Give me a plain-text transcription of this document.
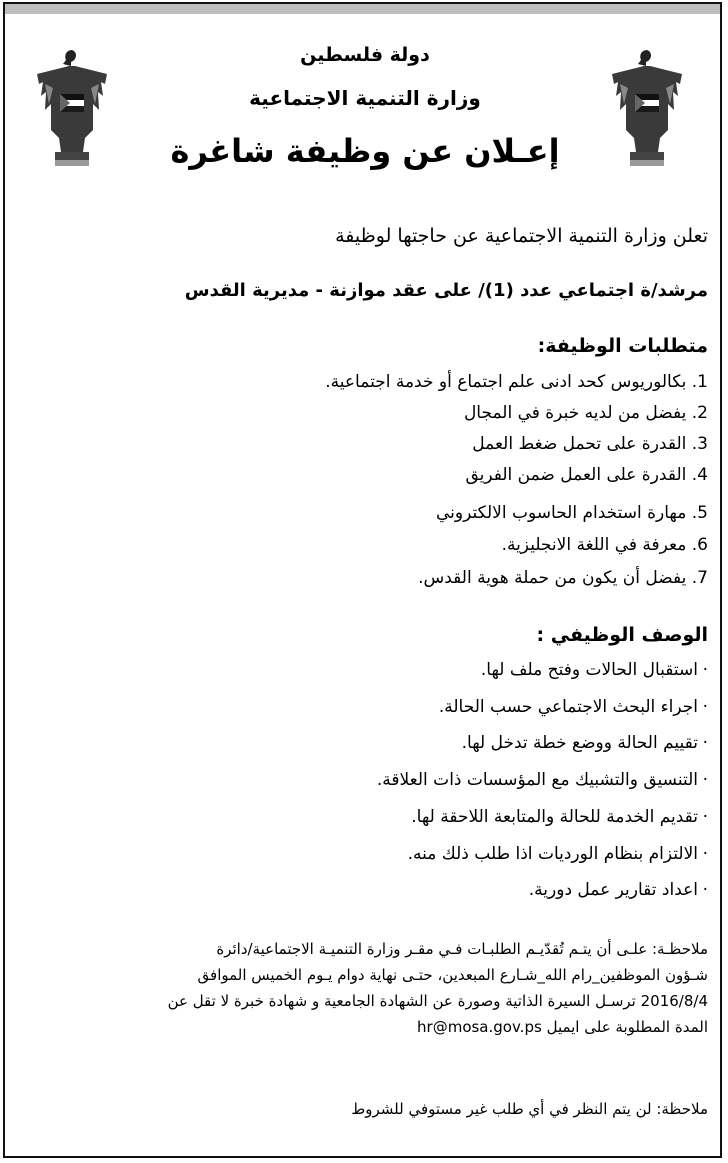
دولة فلسطين
وزارة التنمية الاجتماعية
إعـلان عن وظيفة شاغرة
تعلن وزارة التنمية الاجتماعية عن حاجتها لوظيفة
مرشد/ة اجتماعي عدد (1)/ على عقد موازنة - مديرية القدس
متطلبات الوظيفة:
1. بكالوريوس كحد ادنى علم اجتماع أو خدمة اجتماعية.
2. يفضل من لديه خبرة في المجال
3. القدرة على تحمل ضغط العمل
4. القدرة على العمل ضمن الفريق
5. مهارة استخدام الحاسوب الالكتروني
6. معرفة في اللغة الانجليزية.
7. يفضل أن يكون من حملة هوية القدس.
الوصف الوظيفي :
·استقبال الحالات وفتح ملف لها.
·اجراء البحث الاجتماعي حسب الحالة.
·تقييم الحالة ووضع خطة تدخل لها.
·التنسيق والتشبيك مع المؤسسات ذات العلاقة.
·تقديم الخدمة للحالة والمتابعة اللاحقة لها.
·الالتزام بنظام الورديات اذا طلب ذلك منه.
·اعداد تقارير عمل دورية.
ملاحظـة: علـى أن يتـم تُقدّيـم الطلبـات فـي مقـر وزارة التنميـة الاجتماعية/دائرة
شـؤون الموظفين_رام الله_شـارع المبعدين، حتـى نهاية دوام يـوم الخميس الموافق
2016/8/4 ترسـل السيرة الذاتية وصورة عن الشهادة الجامعية و شهادة خبرة لا تقل عن
المدة المطلوبة على ايميل hr@mosa.gov.ps
ملاحظة: لن يتم النظر في أي طلب غير مستوفي للشروط
